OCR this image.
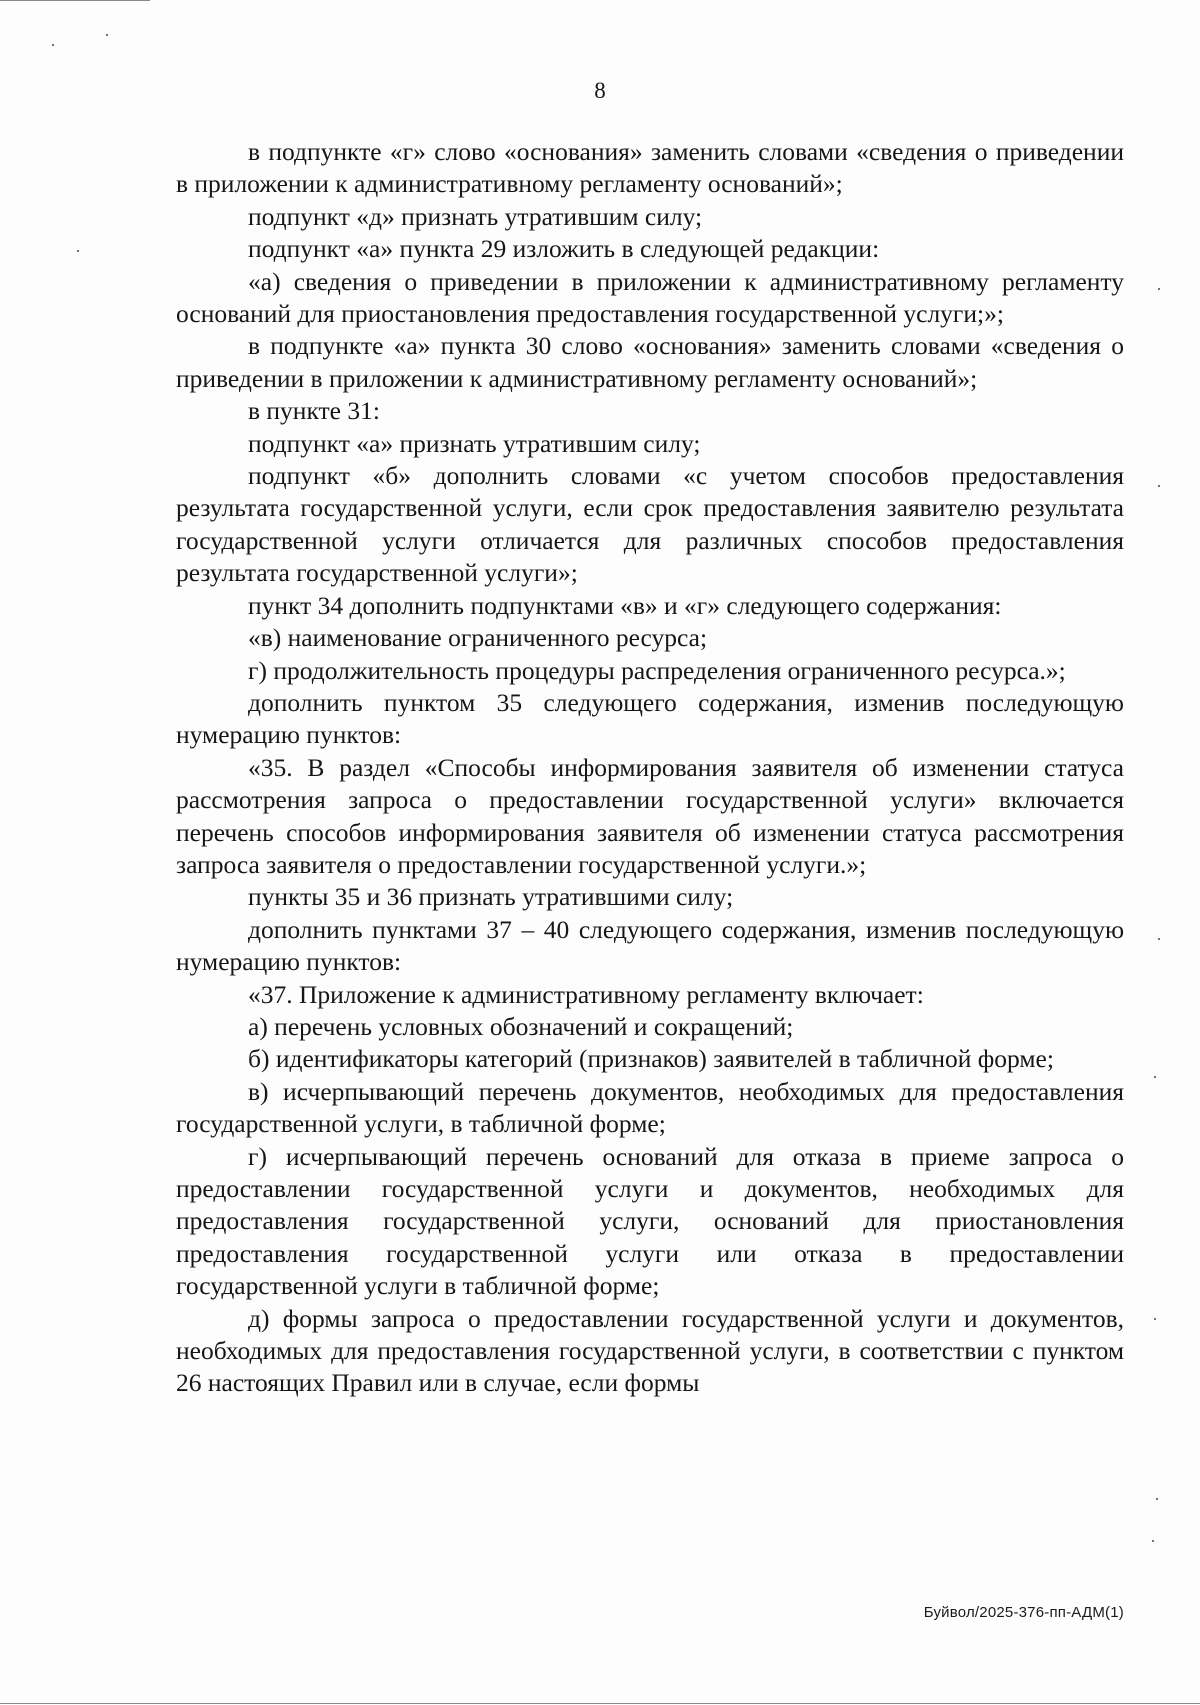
8

в подпункте «г» слово «основания» заменить словами «сведения о приведении в приложении к административному регламенту оснований»;

подпункт «д» признать утратившим силу;

подпункт «а» пункта 29 изложить в следующей редакции:

«а) сведения о приведении в приложении к административному регламенту оснований для приостановления предоставления государственной услуги;»;

в подпункте «а» пункта 30 слово «основания» заменить словами «сведения о приведении в приложении к административному регламенту оснований»;

в пункте 31:

подпункт «а» признать утратившим силу;

подпункт «б» дополнить словами «с учетом способов предоставления результата государственной услуги, если срок предоставления заявителю результата государственной услуги отличается для различных способов предоставления результата государственной услуги»;

пункт 34 дополнить подпунктами «в» и «г» следующего содержания:

«в) наименование ограниченного ресурса;

г) продолжительность процедуры распределения ограниченного ресурса.»;

дополнить пунктом 35 следующего содержания, изменив последующую нумерацию пунктов:

«35. В раздел «Способы информирования заявителя об изменении статуса рассмотрения запроса о предоставлении государственной услуги» включается перечень способов информирования заявителя об изменении статуса рассмотрения запроса заявителя о предоставлении государственной услуги.»;

пункты 35 и 36 признать утратившими силу;

дополнить пунктами 37 – 40 следующего содержания, изменив последующую нумерацию пунктов:

«37. Приложение к административному регламенту включает:

а) перечень условных обозначений и сокращений;

б) идентификаторы категорий (признаков) заявителей в табличной форме;

в) исчерпывающий перечень документов, необходимых для предоставления государственной услуги, в табличной форме;

г) исчерпывающий перечень оснований для отказа в приеме запроса о предоставлении государственной услуги и документов, необходимых для предоставления государственной услуги, оснований для приостановления предоставления государственной услуги или отказа в предоставлении государственной услуги в табличной форме;

д) формы запроса о предоставлении государственной услуги и документов, необходимых для предоставления государственной услуги, в соответствии с пунктом 26 настоящих Правил или в случае, если формы

Буйвол/2025-376-пп-АДМ(1)
